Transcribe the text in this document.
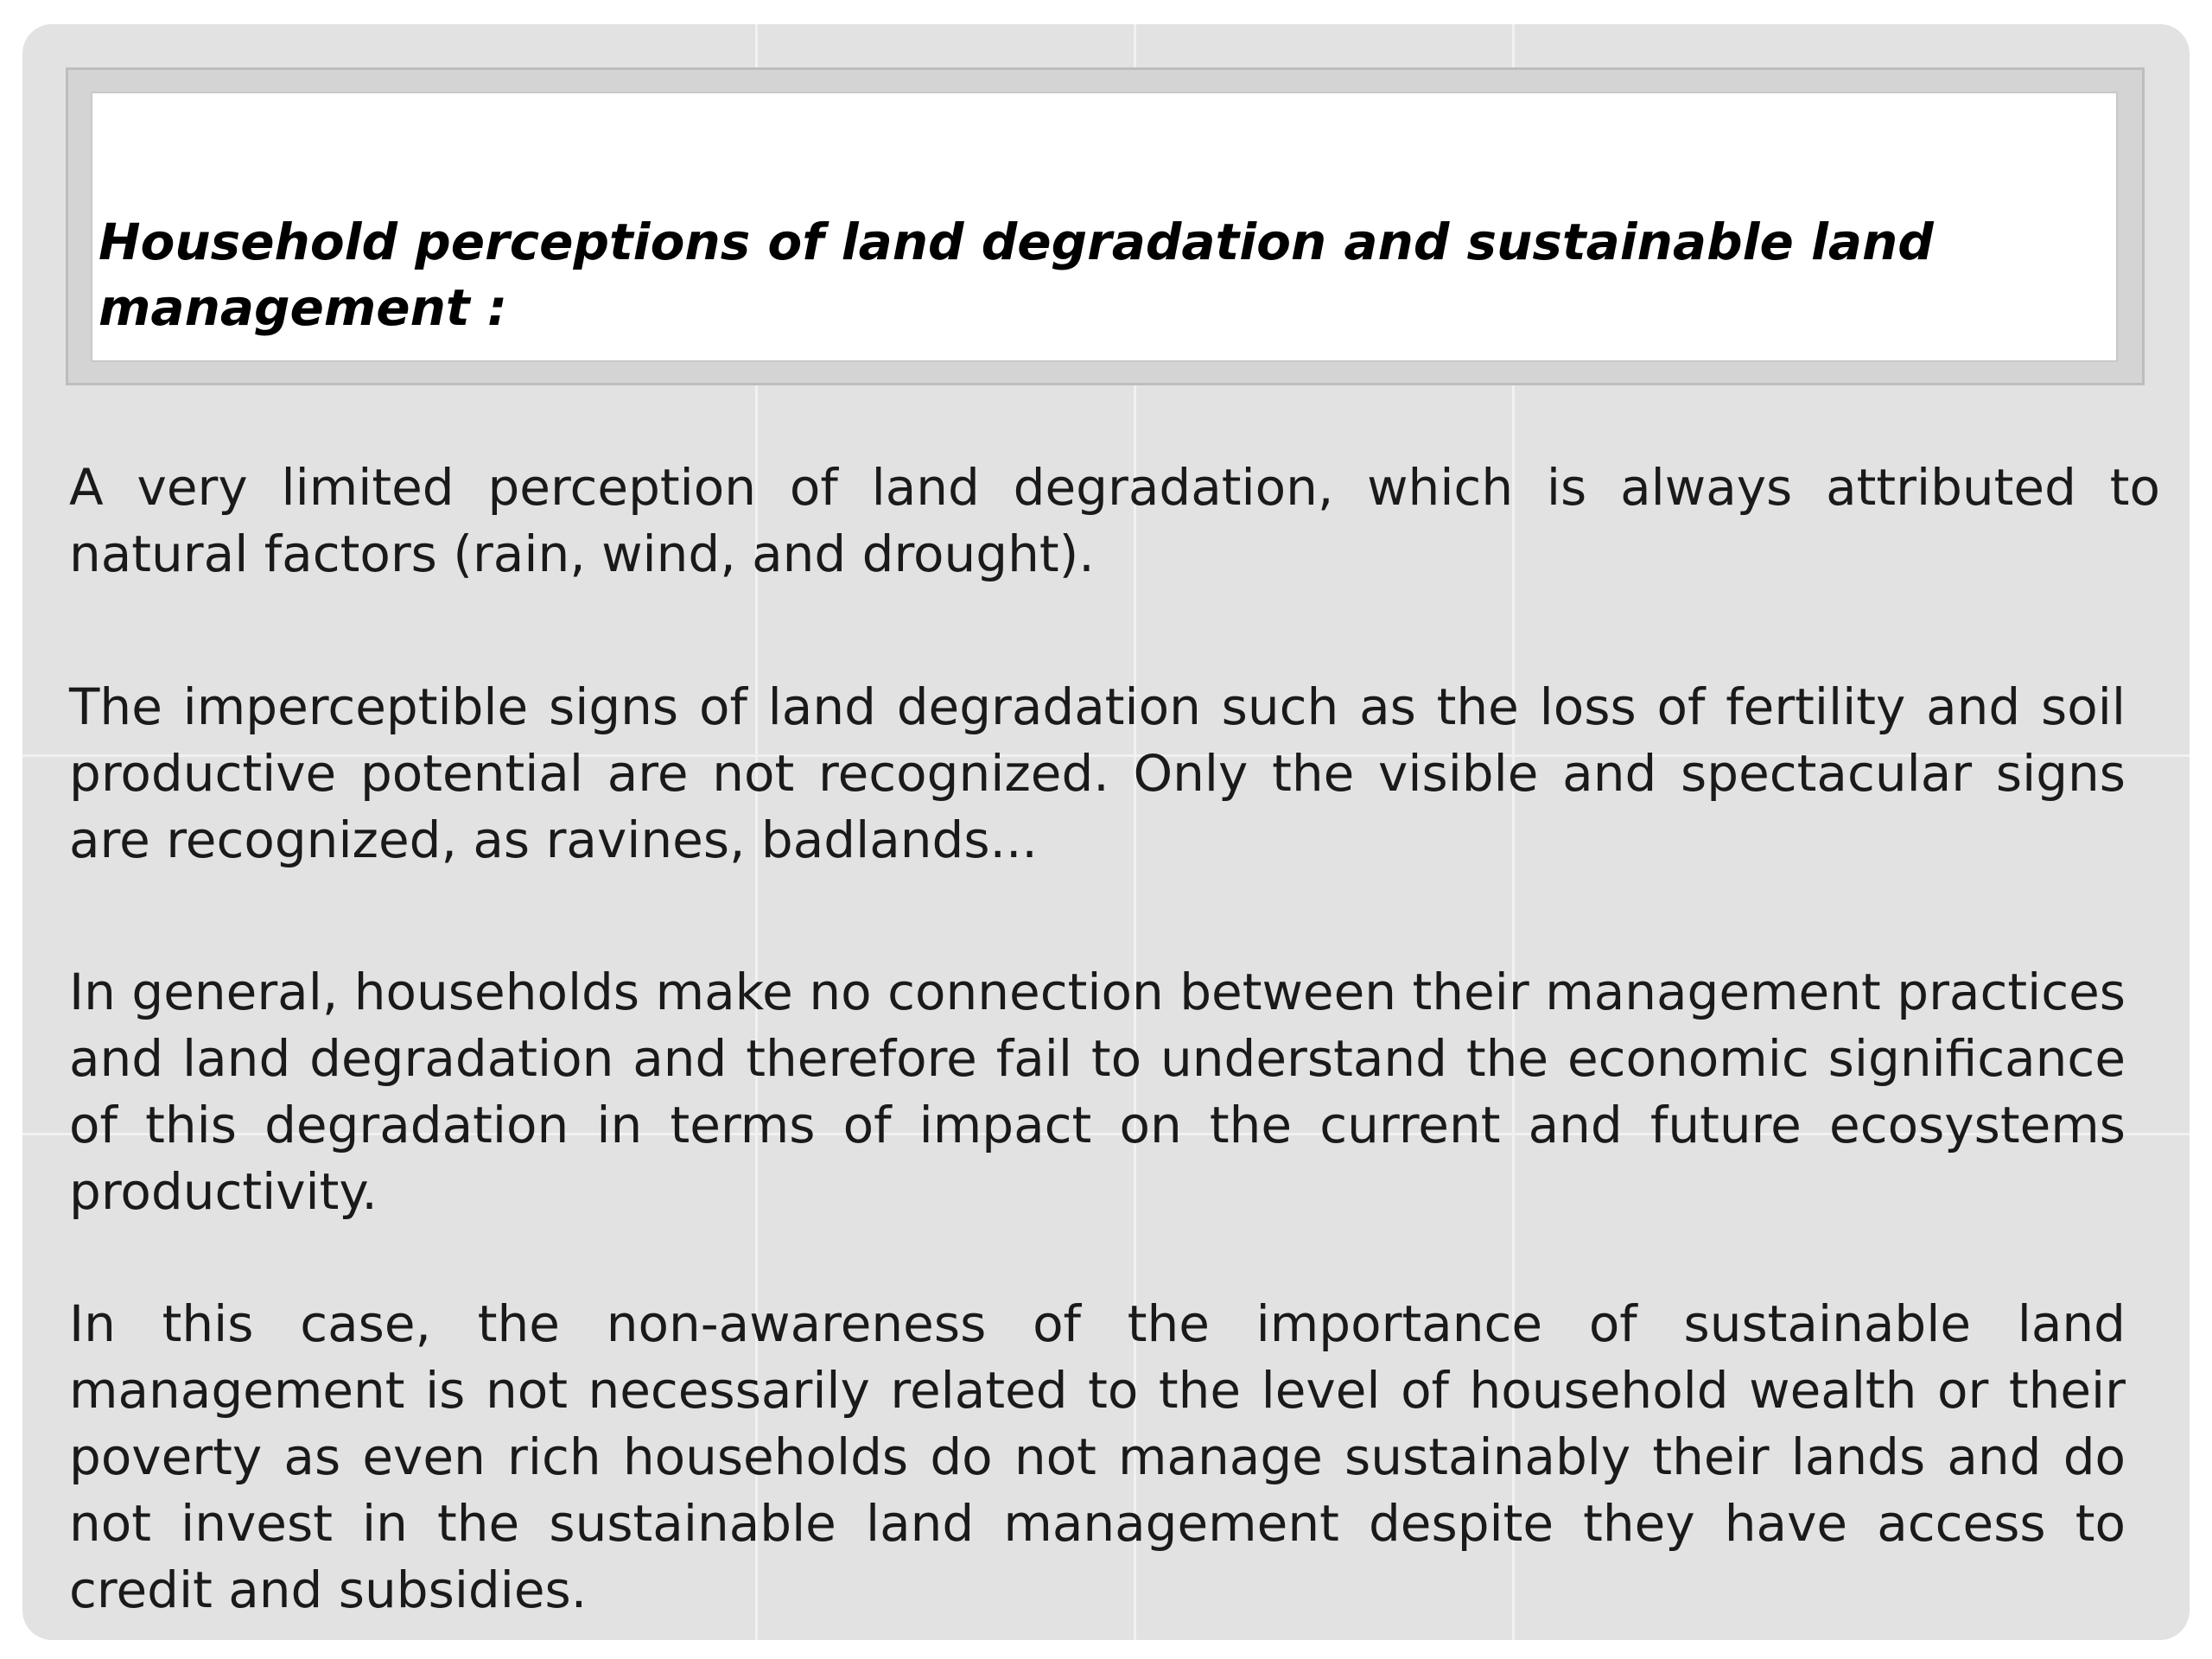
Household perceptions of land degradation and sustainable land management :

A very limited perception of land degradation, which is always attributed to natural factors (rain, wind, and drought).

The imperceptible signs of land degradation such as the loss of fertility and soil productive potential are not recognized. Only the visible and spectacular signs are recognized, as ravines, badlands...

In general, households make no connection between their management practices and land degradation and therefore fail to understand the economic significance of this degradation in terms of impact on the current and future ecosystems productivity.

In this case, the non-awareness of the importance of sustainable land management is not necessarily related to the level of household wealth or their poverty as even rich households do not manage sustainably their lands and do not invest in the sustainable land management despite they have access to credit and subsidies.
